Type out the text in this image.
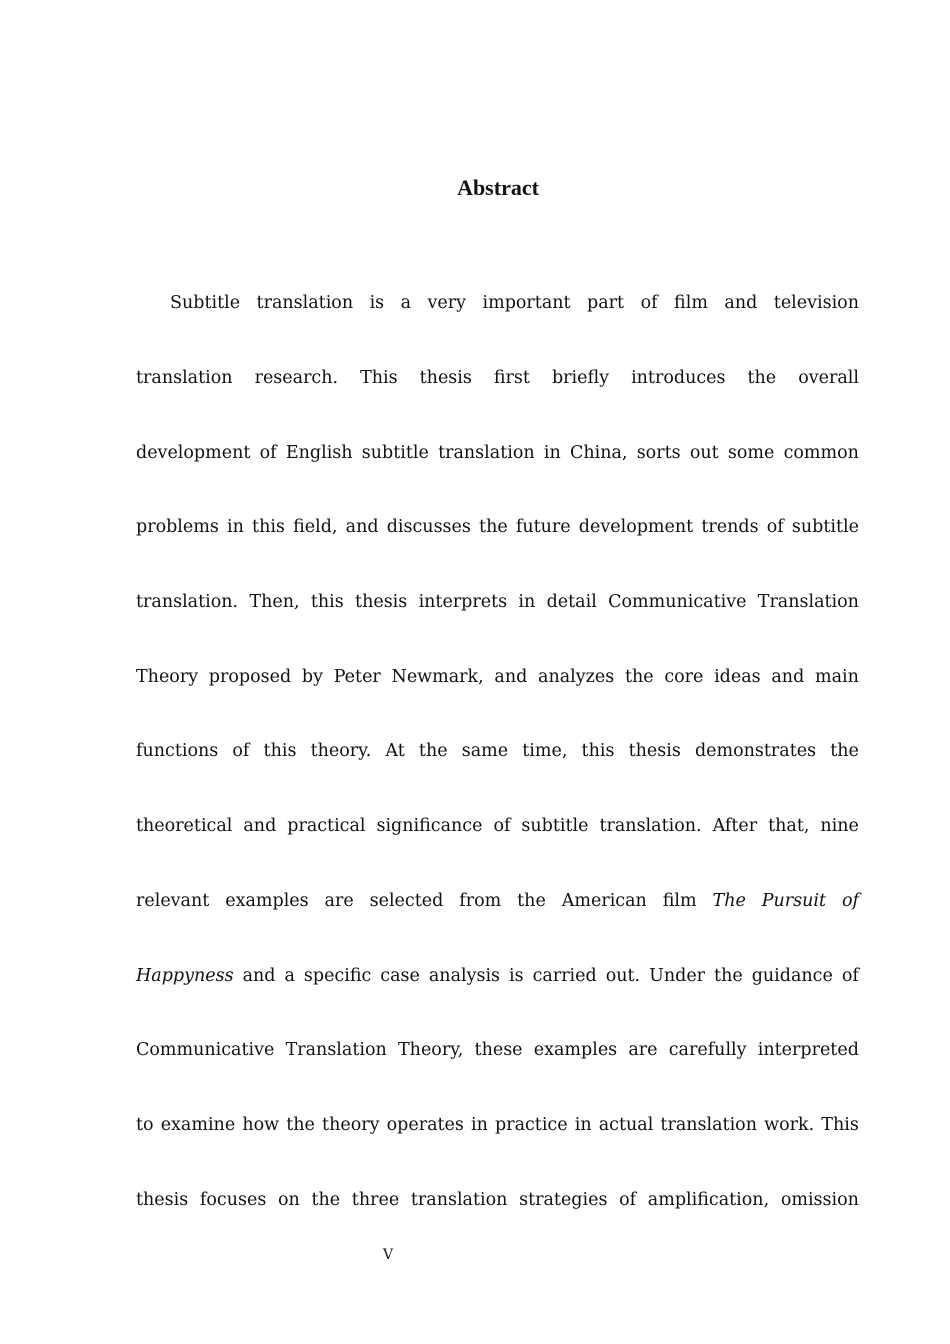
Abstract
Subtitle translation is a very important part of film and television
translation research. This thesis first briefly introduces the overall
development of English subtitle translation in China, sorts out some common
problems in this field, and discusses the future development trends of subtitle
translation. Then, this thesis interprets in detail Communicative Translation
Theory proposed by Peter Newmark, and analyzes the core ideas and main
functions of this theory. At the same time, this thesis demonstrates the
theoretical and practical significance of subtitle translation. After that, nine
relevant examples are selected from the American film The Pursuit of
Happyness and a specific case analysis is carried out. Under the guidance of
Communicative Translation Theory, these examples are carefully interpreted
to examine how the theory operates in practice in actual translation work. This
thesis focuses on the three translation strategies of amplification, omission
V
